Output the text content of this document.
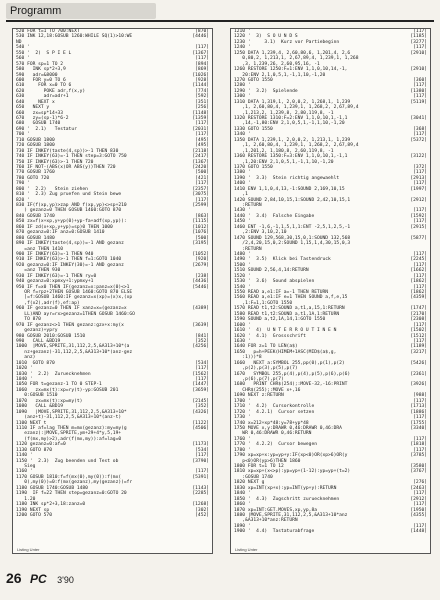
Programm
520 FOR t=1 TO 700:NEXT	[870]
530 INK 12,18:GOSUB 1260:WHILE SQ(1)>10:WE	[4446]
ND
540 '	[117]
550 '  2)  S P I E L	[1367]
560 '	[117]
570 FOR sp=1 TO 2	[894]
580   INK sp*2+3,9	[869]
590   adr=&8000	[1026]
600   FOR y=0 TO 6	[928]
610     FOR x=0 TO 6	[1144]
620       POKE adr,f(x,y)	[774]
630       adr=adr+1	[592]
640     NEXT x	[351]
650   NEXT y	[256]
660   zx=sp*14+33	[1148]
670   zy=(sp-1)*6-2	[1359]
680   GOSUB 1740	[117]
690 '  2.1)   Testatur	[2031]
700 '	[117]
710 GOSUB 1800	[495]
720 GOSUB 1800	[495]
730 IF INKEY(taste(4,sp))>-1 THEN 830	[2118]
740 IF INKEY(63)=-1 THEN step=3:GOTO 750	[2417]
750 IF INKEY(63)>-1 THEN 720	[1367]
760 IF NOT-(ABS(x)OR ABS(y))THEN 720	[2420]
770 GOSUB 1760	[500]
780 GOTO 720	[421]
790 '	[117]
800 '  2.2)   Stein ziehen	[2357]
810 '  2.3) Zug pruefen und Stein bewe	[3075]
820 '	[117]
830 IF(f(xp,yp)>zap AND f(xp,yp)<>sp+210	[2599]
) gezanz=0 THEN GOSUB 1460:GOTO 870
840 GOSUB 1740	[863]
850 zx=f(x+xp,y+yp(0)+yp-fa+adf(xp,yp)):	[1115]
860 IF zd(x+xp,y+yp)=sp)0 THEN 1000	[1012]
870 gezanz=0:IF anz=0:GOSUB 1410	[1076]
880 GOSUB 1480	[500]
890 IF INKEY(taste(4,sp))=-1 AND gezanz	[3195]
=anz THEN 1410
900 IF INKEY(63)=-1 THEN 940	[1052]
910 IF INKEY(63)>-1 THEN f=1:GOTO 1040	[920]
920 gezanz=0:IF INKEY(30)=-1 AND gezanz	[2679]
=anz THEN 930
930 IF INKEY(63)=-1 THEN ry=0	[238]
940 gezanz=0:xpmxy+1:ypmxy+1	[4436]
950 IF f=x0 THEN IF(gezanz=x:panz=x(0)<>1	[5446]
OR f=rpz+2THEN GOSUB 1460:GOTO 870 ELSE
]=f:GOSUB 1460:IF gezanz=x(xp)=(x)x,(xp
,f(x2),adr(f),ef:ap)
960 IF gezanz=0 THEN IF xanz=x=(gezanz=x	[4389]
LL)AND ayr=rx>gezanz=1THEN GOSUB 1460:GO
TO 870
970 IF gezanz<>1 THEN gezanz:gzx+x:my(x	[3639]
gezanz)+ypry
980 GOSUB 2010:GOSUB 1510	[841]
990   CALL &BD19	[352]
1000  |MOVE,SPRITE,31,112,2,5,&A313+10*(a	[4256]
nz+gezanz)-31,112,2,5,&A313+10*(anz-gez
anz)
1010  GOTO 870	[534]
1020 '	[117]
1030 '  2.2)  Zuruecknehmen	[1562]
1040 '	[117]
1050 FOR t=gezanz-1 TO 0 STEP-1	[1447]
1060   zx=mx(t):xp=ry(t)-yp:GOSUB 201	[3659]
0:GOSUB 1510
1070   zx=mx(t):xp=my(t)	[2145]
1080   CALL &BD19	[352]
1090   |MOVE,SPRITE,31,112,2,5,&A313+10*	[4326]
(anz+t)-31,112,2,5,&A313+10*(anz-t)
1100 NEXT t	[1122]
1110 IF af=lag THEN m=mx(gezanz):my=my(g	[4506]
ezanz):|MOVE,SPRITE,ym+29+4*y,5,19+
(f(mx,my)>2),adr(f(mx,my)):af=lag=0
1120 gezanz=0:af=0	[1173]
1130 GOTO 870	[534]
1140 '	[117]
1150 '  2.3)  Zug beenden und Test ob	[3790]
Sieg
1160 '	[117]
1170 GOSUB 1810:f=f(mx(0),my(0)):f(mx(	[5391]
0),my(0))=0:f(mx(gezanz),my(gezanz))=fr
1180 GOSUB 1740:GOSUB 1480	[1143]
1190  IF f=22 THEN step=gezanz=0:GOTO 20	[2285]
1.20
1180 INK sp*2+3,18:zanz=0	[1268]
1190 NEXT sp	[302]
1200 GOTO 570	[452]
Listing Unter
1210 '	[117]
1220 '  3)  S O U N D S	[1185]
1230 '     3.1)  Kurz vor Partiebeginn	[3277]
1240 '	[117]
1250 DATA 1,239,4, 2,60,80,6, 1,201,4, 2,6	[2910]
0,80,2, 1,213,1, 2,67,89,4, 1,239,1, 1,268
,3, 1,239,26, 2,60,95,16, -1
1260 RESTORE 1250:F=1:ENV 1,1,0,10,14,-1,	[2910]
20:ENV 2,1,0,5,1,-1,1,10,-1,20
1270 GOTO 1550	[360]
1280 '	[117]
1290 '  3.2)  Spielende	[1380]
1300 '	[117]
1310 DATA 1,319,1, 2,0,0,2, 1,268,1, 1,239	[5119]
,1, 2,60,80,4, 1,239,1, 1,268,2, 2,67,89,4
,1,213,2, 1,239,8, 2,80,119,8, -1
1320 RESTORE 1310:F=2:ENV 1,1,0,10,1,-1,1	[3041]
,14,-1,80:ENV 2,1,0,5,1,-1,1,10,-1,20
1330 GOTO 1550	[368]
1340 '	[117]
1350 DATA 1,239,1, 2,0,0,2, 1,213,1, 1,239	[5372]
,1, 2,60,80,4, 1,239,1, 1,268,2, 2,67,89,4
,1,201,2, 1,180,8, 2,60,119,8, -1
1360 RESTORE 1350:F=3:ENV 1,1,0,10,1,-1,1	[3122]
,1,20:ENV 2,1,0,5,1,-1,1,10,-1,20
1370 GOTO 1550	[372]
1380 '	[117]
1390 '  3.3)  Stein richtig angewaehlt	[2913]
1400 '	[117]
1410 ENV 1,1,0,4,13,-1:SOUND 2,169,10,15	[1997]
,1
1420 SOUND 2,84,10,15,1:SOUND 2,42,10,15,1	[2912]
:RETURN
1430 '	[117]
1440 '  3.4)  Falsche Eingabe	[1592]
1450 '	[117]
1460 ENT -1,6,-1,1,5,1,1:ENT -2,5,1,2,5,-1	[2915]
,2:ENV 3,10,2,10
1470 SOUND 129,568,30,15,0,1:SOUND 132,568	[5877]
/2,4,20,15,0,2:SOUND 1,15,1,4,30,15,0,3
:RETURN
1480 '	[117]
1490 '  3.5)  Klick bei Tastendruck	[2245]
1500 '	[117]
1510 SOUND 2,56,4,14:RETURN	[1662]
1520 '	[117]
1530 '  3.6)  Sound abspielen	[1862]
1540 '	[117]
1550 READ a,e1:IF a=-1 THEN RETURN	[1862]
1560 READ a,e1:IF e=1 THEN SOUND a,f,e,15	[4359]
,1:F=1,1:GOTO 1550
1570 READ t1,t2:SOUND a,t1,a,15,1:RETURN	[1747]
1580 READ t1,t2:SOUND a,t1,1A,1:RETURN	[2170]
1590 SOUND a,t2,1A,14,1:GOTO 1550	[2308]
1600 '	[117]
1610 '  4)  U N T E R R O U T I N E N	[1502]
1620 '  4.1)  Grossschrift	[1512]
1630 '	[117]
1640 FOR z=1 TO LEN(a$)	[1189]
1650   p=h+PEEK(HIMEM+1ASC(MID$(a$,g,	[3217]
:1)))*8
1660   NEXT a:SYMBOL 255,pp(0),p(1),p(2)	[5426]
,p(2),p(3),p(5),p(7)
1670   SYMBOL 255,p(4),p(4),p(5),p(6),p(6)	[2361]
,p(6),p(7),p(7)
1680   PRINT CHR$(254);:MOVE-32,-16:PRINT	[3926]
CHR$(255);:MOVE x+,16
1690 NEXT z:RETURN	[988]
1700 '	[117]
1710 '  4.2)  Cursorkontrolle	[1713]
1720 '  4.2.1)  Cursor setzen	[1886]
1730 '	[117]
1740 x=212+xp*48:y=78+yp*48	[1755]
1750 MOVE x,y:DRAWR 0,46:DRAWR 0,46:DRA	[3340]
WR 0,46:DRAWR 0,46:RETURN
1760 '	[117]
1770 '  4.2.2)  Cursor bewegen	[1818]
1780 '	[117]
1790 xp=xp+x:yp=yp+y:IF(xp<0)OR(xp>6)OR(y	[3785]
p<0)OR(yp>6)THEN 1860
1800 FOR t=1 TO 12	[3580]
1810 xp=xp+(x<>p):yp=yp+(1-12):yp=yp+(t=2)	[3767]
:GOSUB 1740
1820 NEXT g	[276]
1830 xp=INT(xp+x):yp=INT(yp+y):RETURN	[2463]
1840 '	[117]
1850 '  4.3)  Zugschritt zuruecknehmen	[2912]
1860 '	[117]
1870 xp=INT:GET.MOVES,xp,yp,8a	[1950]
1880 |MOVE,SPRITE,31,112,2,5,&A313+10*anz	[4355]
,&A313+10*anz:RETURN
1890 '	[117]
1900 '  4.4)  Tastaturabfrage	[1448]
Listing Unter
26 PC 3'90
